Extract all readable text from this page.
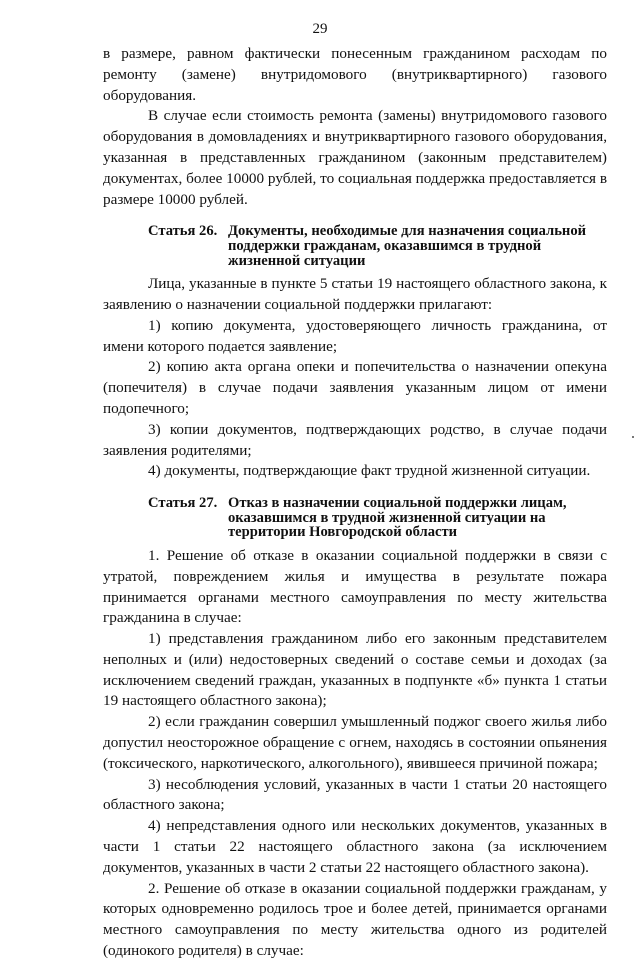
29

в размере, равном фактически понесенным гражданином расходам по ремонту (замене) внутридомового (внутриквартирного) газового оборудования.

В случае если стоимость ремонта (замены) внутридомового газового оборудования в домовладениях и внутриквартирного газового оборудования, указанная в представленных гражданином (законным представителем) документах, более 10000 рублей, то социальная поддержка предоставляется в размере 10000 рублей.

Статья 26. Документы, необходимые для назначения социальной поддержки гражданам, оказавшимся в трудной жизненной ситуации

Лица, указанные в пункте 5 статьи 19 настоящего областного закона, к заявлению о назначении социальной поддержки прилагают:

1) копию документа, удостоверяющего личность гражданина, от имени которого подается заявление;

2) копию акта органа опеки и попечительства о назначении опекуна (попечителя) в случае подачи заявления указанным лицом от имени подопечного;

3) копии документов, подтверждающих родство, в случае подачи заявления родителями;

4) документы, подтверждающие факт трудной жизненной ситуации.

Статья 27. Отказ в назначении социальной поддержки лицам, оказавшимся в трудной жизненной ситуации на территории Новгородской области

1. Решение об отказе в оказании социальной поддержки в связи с утратой, повреждением жилья и имущества в результате пожара принимается органами местного самоуправления по месту жительства гражданина в случае:

1) представления гражданином либо его законным представителем неполных и (или) недостоверных сведений о составе семьи и доходах (за исключением сведений граждан, указанных в подпункте «б» пункта 1 статьи 19 настоящего областного закона);

2) если гражданин совершил умышленный поджог своего жилья либо допустил неосторожное обращение с огнем, находясь в состоянии опьянения (токсического, наркотического, алкогольного), явившееся причиной пожара;

3) несоблюдения условий, указанных в части 1 статьи 20 настоящего областного закона;

4) непредставления одного или нескольких документов, указанных в части 1 статьи 22 настоящего областного закона (за исключением документов, указанных в части 2 статьи 22 настоящего областного закона).

2. Решение об отказе в оказании социальной поддержки гражданам, у которых одновременно родилось трое и более детей, принимается органами местного самоуправления по месту жительства одного из родителей (одинокого родителя) в случае:
